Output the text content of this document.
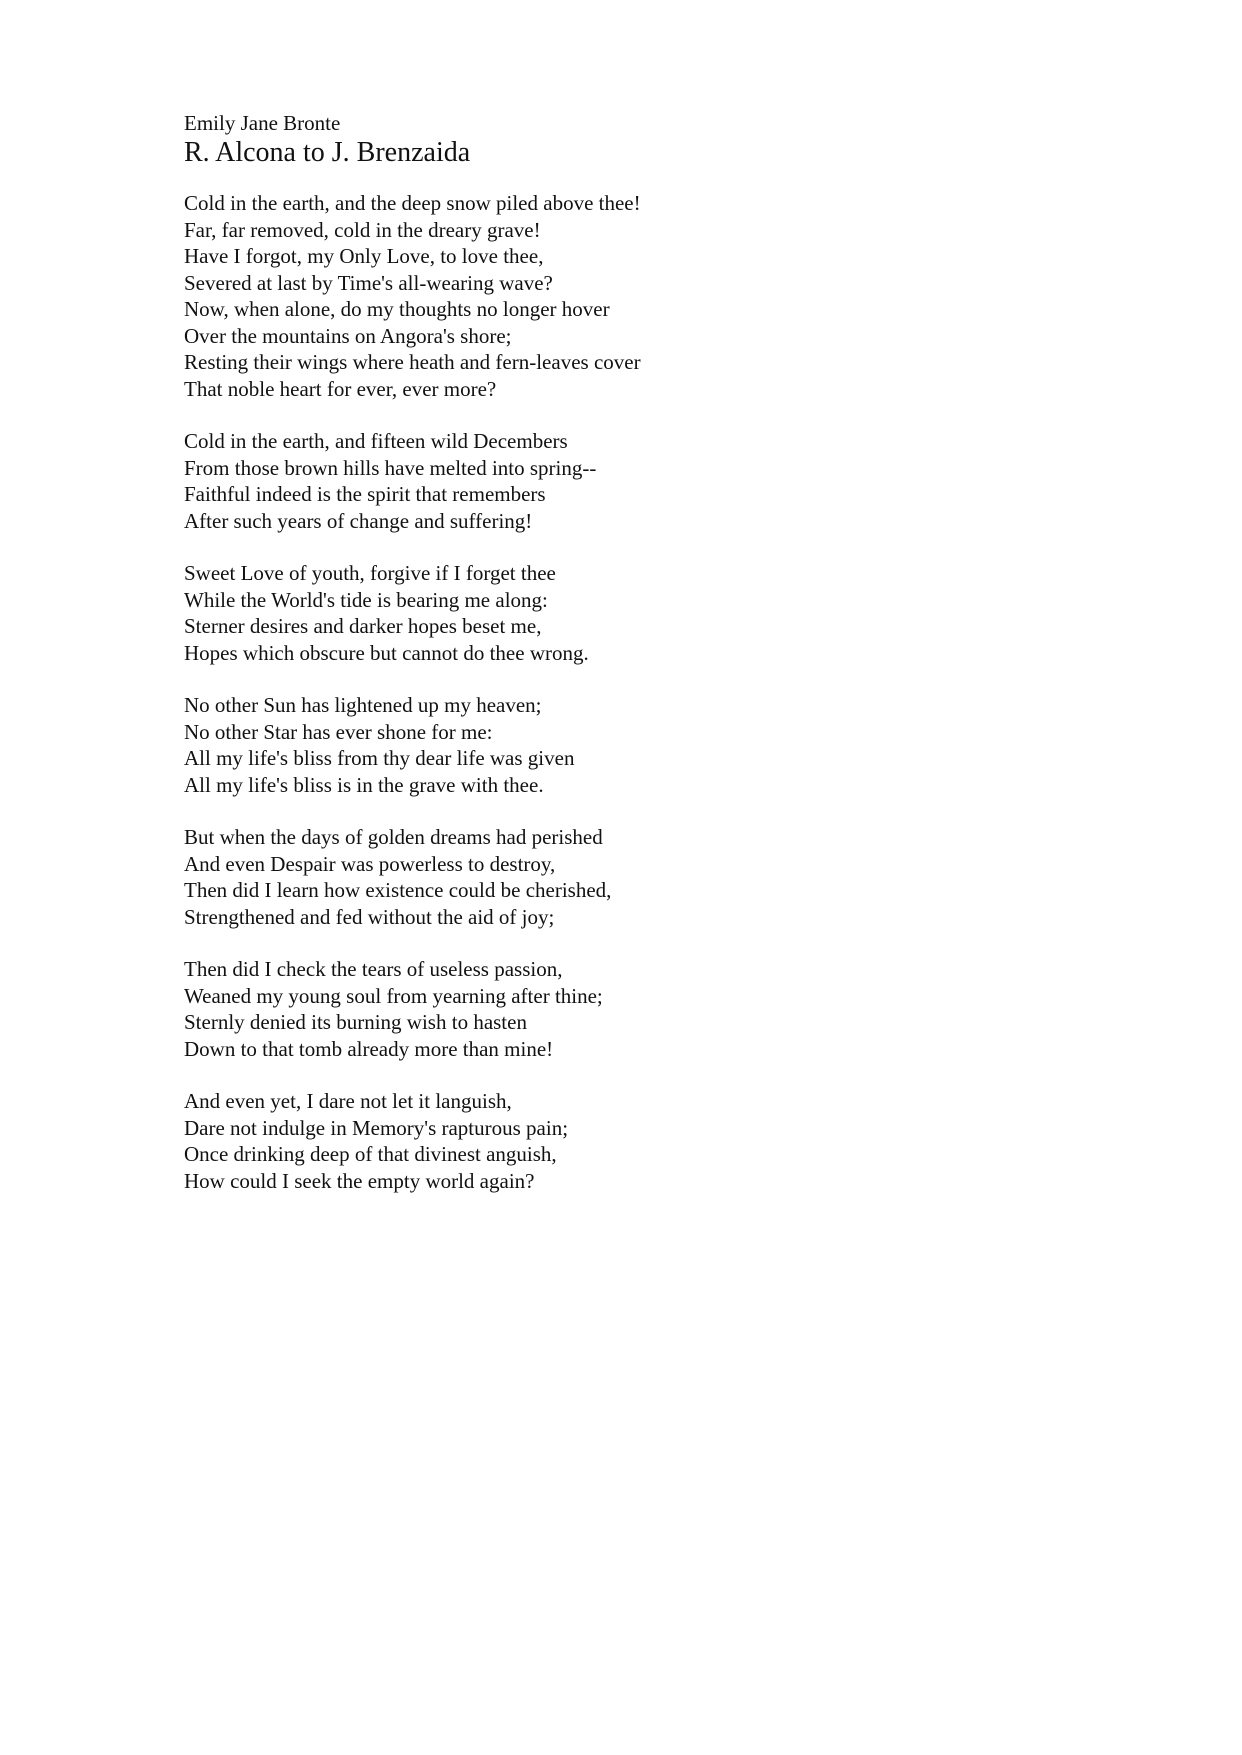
Emily Jane Bronte

R. Alcona to J. Brenzaida
Cold in the earth, and the deep snow piled above thee!
Far, far removed, cold in the dreary grave!
Have I forgot, my Only Love, to love thee,
Severed at last by Time's all-wearing wave?
Now, when alone, do my thoughts no longer hover
Over the mountains on Angora's shore;
Resting their wings where heath and fern-leaves cover
That noble heart for ever, ever more?
Cold in the earth, and fifteen wild Decembers
From those brown hills have melted into spring--
Faithful indeed is the spirit that remembers
After such years of change and suffering!
Sweet Love of youth, forgive if I forget thee
While the World's tide is bearing me along:
Sterner desires and darker hopes beset me,
Hopes which obscure but cannot do thee wrong.
No other Sun has lightened up my heaven;
No other Star has ever shone for me:
All my life's bliss from thy dear life was given
All my life's bliss is in the grave with thee.
But when the days of golden dreams had perished
And even Despair was powerless to destroy,
Then did I learn how existence could be cherished,
Strengthened and fed without the aid of joy;
Then did I check the tears of useless passion,
Weaned my young soul from yearning after thine;
Sternly denied its burning wish to hasten
Down to that tomb already more than mine!
And even yet, I dare not let it languish,
Dare not indulge in Memory's rapturous pain;
Once drinking deep of that divinest anguish,
How could I seek the empty world again?
